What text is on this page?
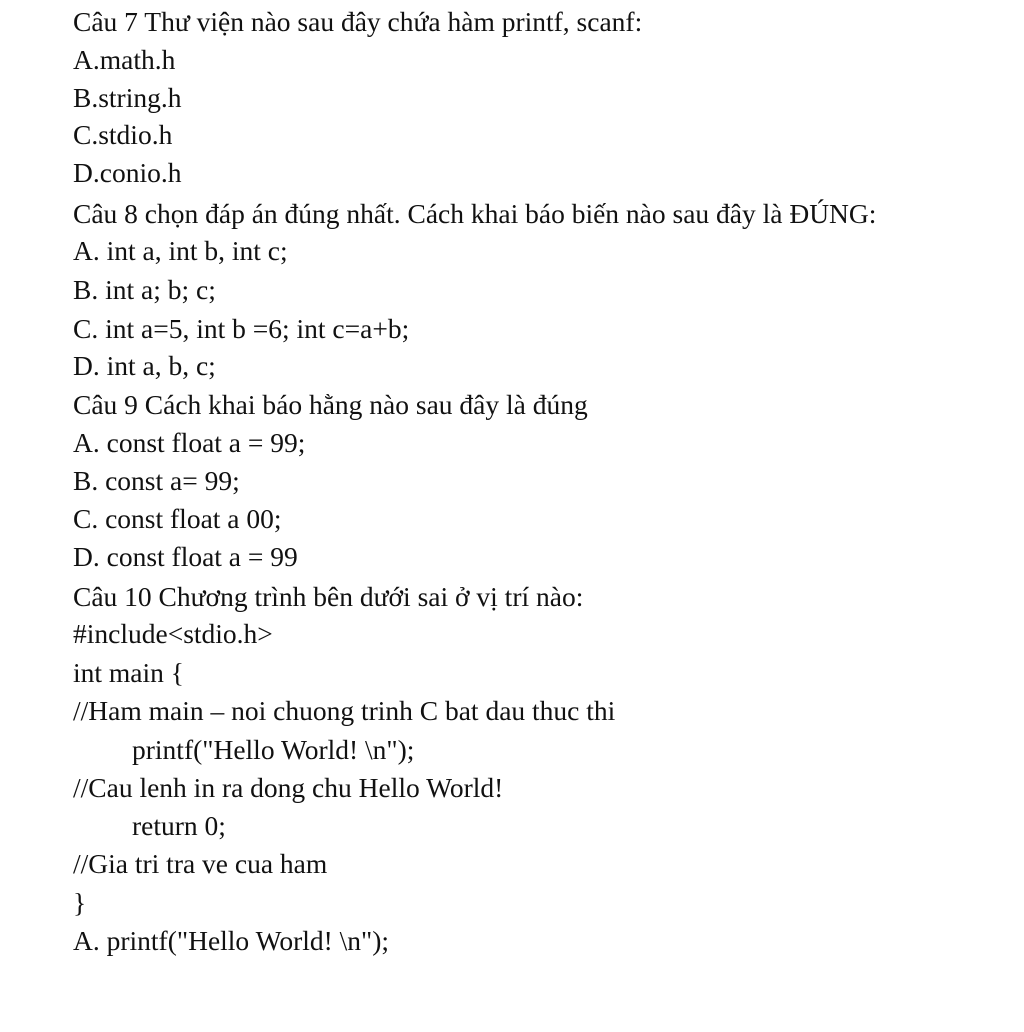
Câu 7 Thư viện nào sau đây chứa hàm printf, scanf:
A.math.h
B.string.h
C.stdio.h
D.conio.h
Câu 8 chọn đáp án đúng nhất. Cách khai báo biến nào sau đây là ĐÚNG:
A. int a, int b, int c;
B. int a; b; c;
C. int a=5, int b =6; int c=a+b;
D. int a, b, c;
Câu 9 Cách khai báo hằng nào sau đây là đúng
A. const float a = 99;
B. const a= 99;
C. const float a 00;
D. const float a = 99
Câu 10 Chương trình bên dưới sai ở vị trí nào:
#include<stdio.h>
int main {
//Ham main – noi chuong trinh C bat dau thuc thi
printf("Hello World! \n");
//Cau lenh in ra dong chu Hello World!
return 0;
//Gia tri tra ve cua ham
}
A. printf("Hello World! \n");
